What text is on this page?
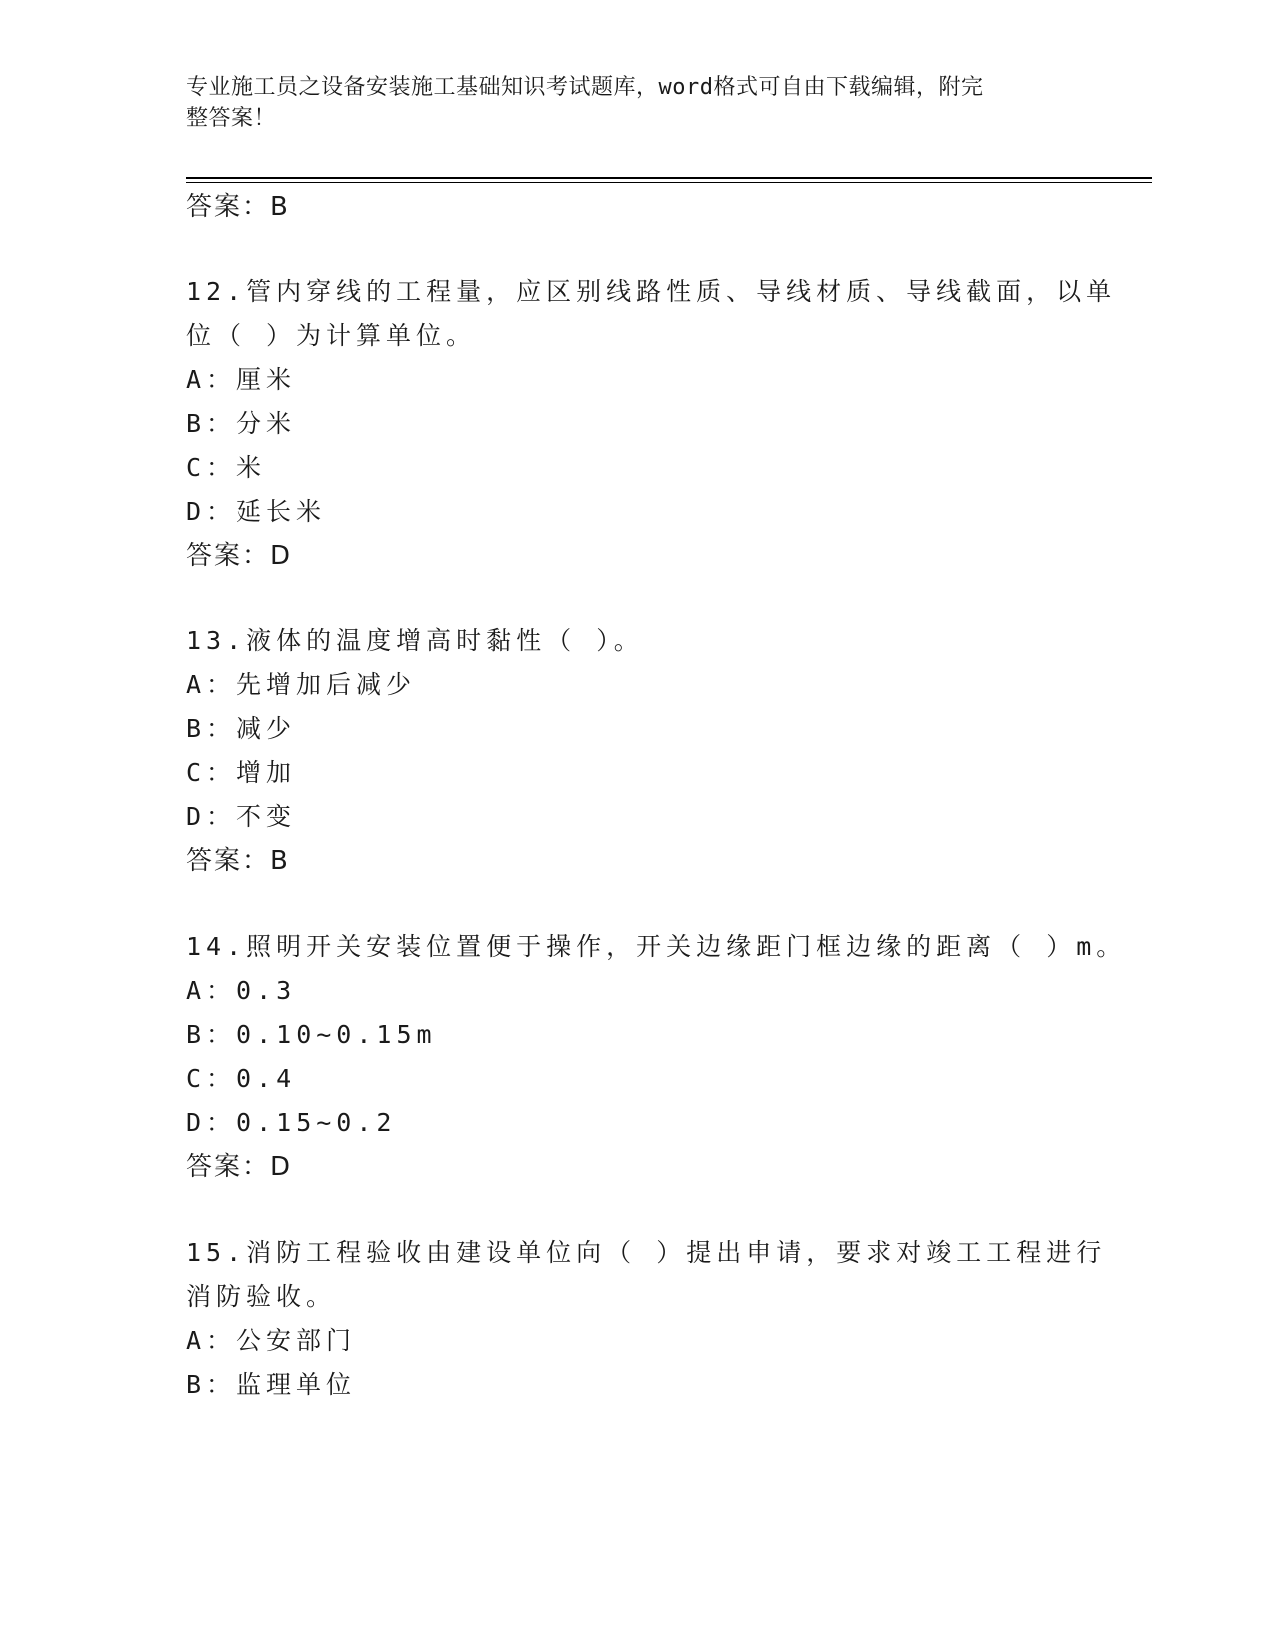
专业施工员之设备安装施工基础知识考试题库，word格式可自由下载编辑，附完
整答案！
答案：B
12.管内穿线的工程量，应区别线路性质、导线材质、导线截面，以单
位（ ）为计算单位。
A：厘米
B：分米
C：米
D：延长米
答案：D
13.液体的温度增高时黏性（ ）。
A：先增加后减少
B：减少
C：增加
D：不变
答案：B
14.照明开关安装位置便于操作，开关边缘距门框边缘的距离（ ）m。
A：0.3
B：0.10~0.15m
C：0.4
D：0.15~0.2
答案：D
15.消防工程验收由建设单位向（ ）提出申请，要求对竣工工程进行
消防验收。
A：公安部门
B：监理单位
